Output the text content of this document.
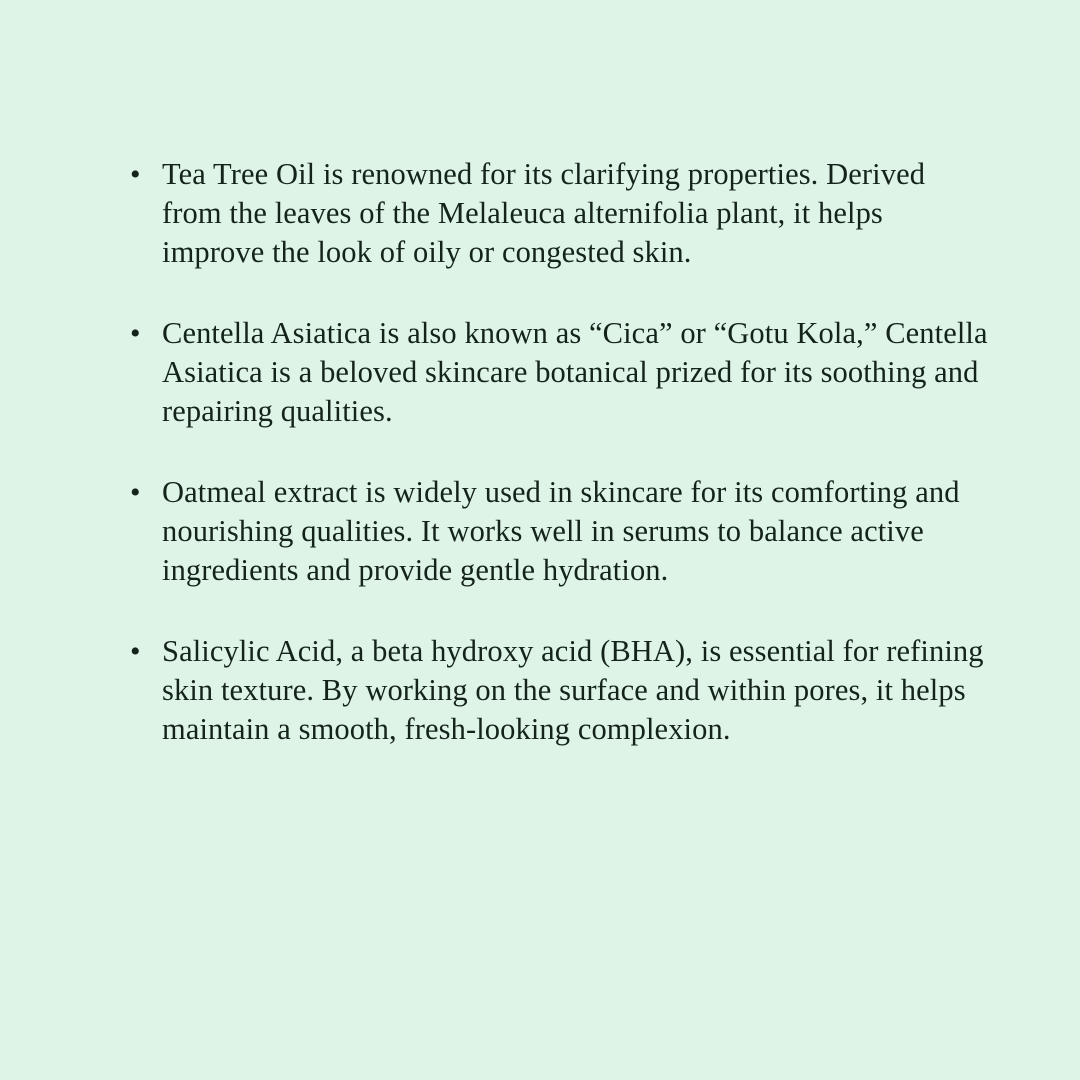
• Tea Tree Oil is renowned for its clarifying properties. Derived from the leaves of the Melaleuca alternifolia plant, it helps improve the look of oily or congested skin.
• Centella Asiatica is also known as “Cica” or “Gotu Kola,” Centella Asiatica is a beloved skincare botanical prized for its soothing and repairing qualities.
• Oatmeal extract is widely used in skincare for its comforting and nourishing qualities. It works well in serums to balance active ingredients and provide gentle hydration.
• Salicylic Acid, a beta hydroxy acid (BHA), is essential for refining skin texture. By working on the surface and within pores, it helps maintain a smooth, fresh-looking complexion.
